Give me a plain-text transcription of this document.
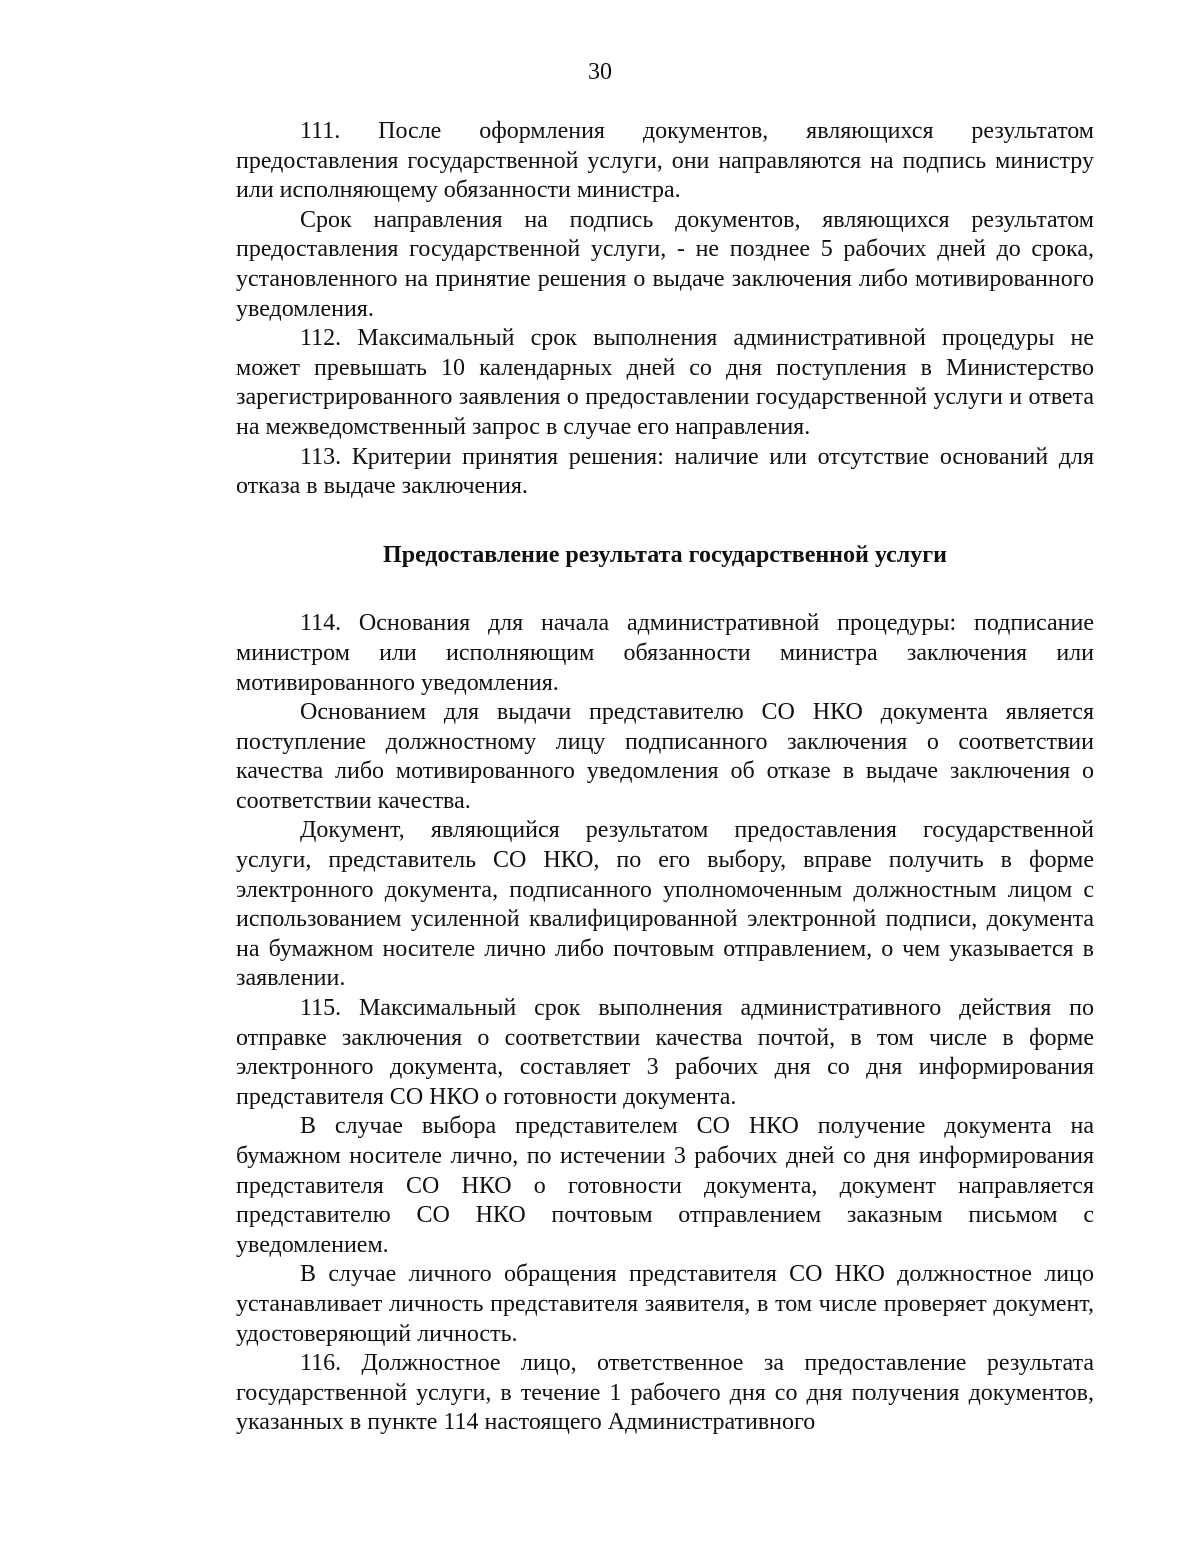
30

111. После оформления документов, являющихся результатом предоставления государственной услуги, они направляются на подпись министру или исполняющему обязанности министра.

Срок направления на подпись документов, являющихся результатом предоставления государственной услуги, - не позднее 5 рабочих дней до срока, установленного на принятие решения о выдаче заключения либо мотивированного уведомления.

112. Максимальный срок выполнения административной процедуры не может превышать 10 календарных дней со дня поступления в Министерство зарегистрированного заявления о предоставлении государственной услуги и ответа на межведомственный запрос в случае его направления.

113. Критерии принятия решения: наличие или отсутствие оснований для отказа в выдаче заключения.

Предоставление результата государственной услуги

114. Основания для начала административной процедуры: подписание министром или исполняющим обязанности министра заключения или мотивированного уведомления.

Основанием для выдачи представителю СО НКО документа является поступление должностному лицу подписанного заключения о соответствии качества либо мотивированного уведомления об отказе в выдаче заключения о соответствии качества.

Документ, являющийся результатом предоставления государственной услуги, представитель СО НКО, по его выбору, вправе получить в форме электронного документа, подписанного уполномоченным должностным лицом с использованием усиленной квалифицированной электронной подписи, документа на бумажном носителе лично либо почтовым отправлением, о чем указывается в заявлении.

115. Максимальный срок выполнения административного действия по отправке заключения о соответствии качества почтой, в том числе в форме электронного документа, составляет 3 рабочих дня со дня информирования представителя СО НКО о готовности документа.

В случае выбора представителем СО НКО получение документа на бумажном носителе лично, по истечении 3 рабочих дней со дня информирования представителя СО НКО о готовности документа, документ направляется представителю СО НКО почтовым отправлением заказным письмом с уведомлением.

В случае личного обращения представителя СО НКО должностное лицо устанавливает личность представителя заявителя, в том числе проверяет документ, удостоверяющий личность.

116. Должностное лицо, ответственное за предоставление результата государственной услуги, в течение 1 рабочего дня со дня получения документов, указанных в пункте 114 настоящего Административного
